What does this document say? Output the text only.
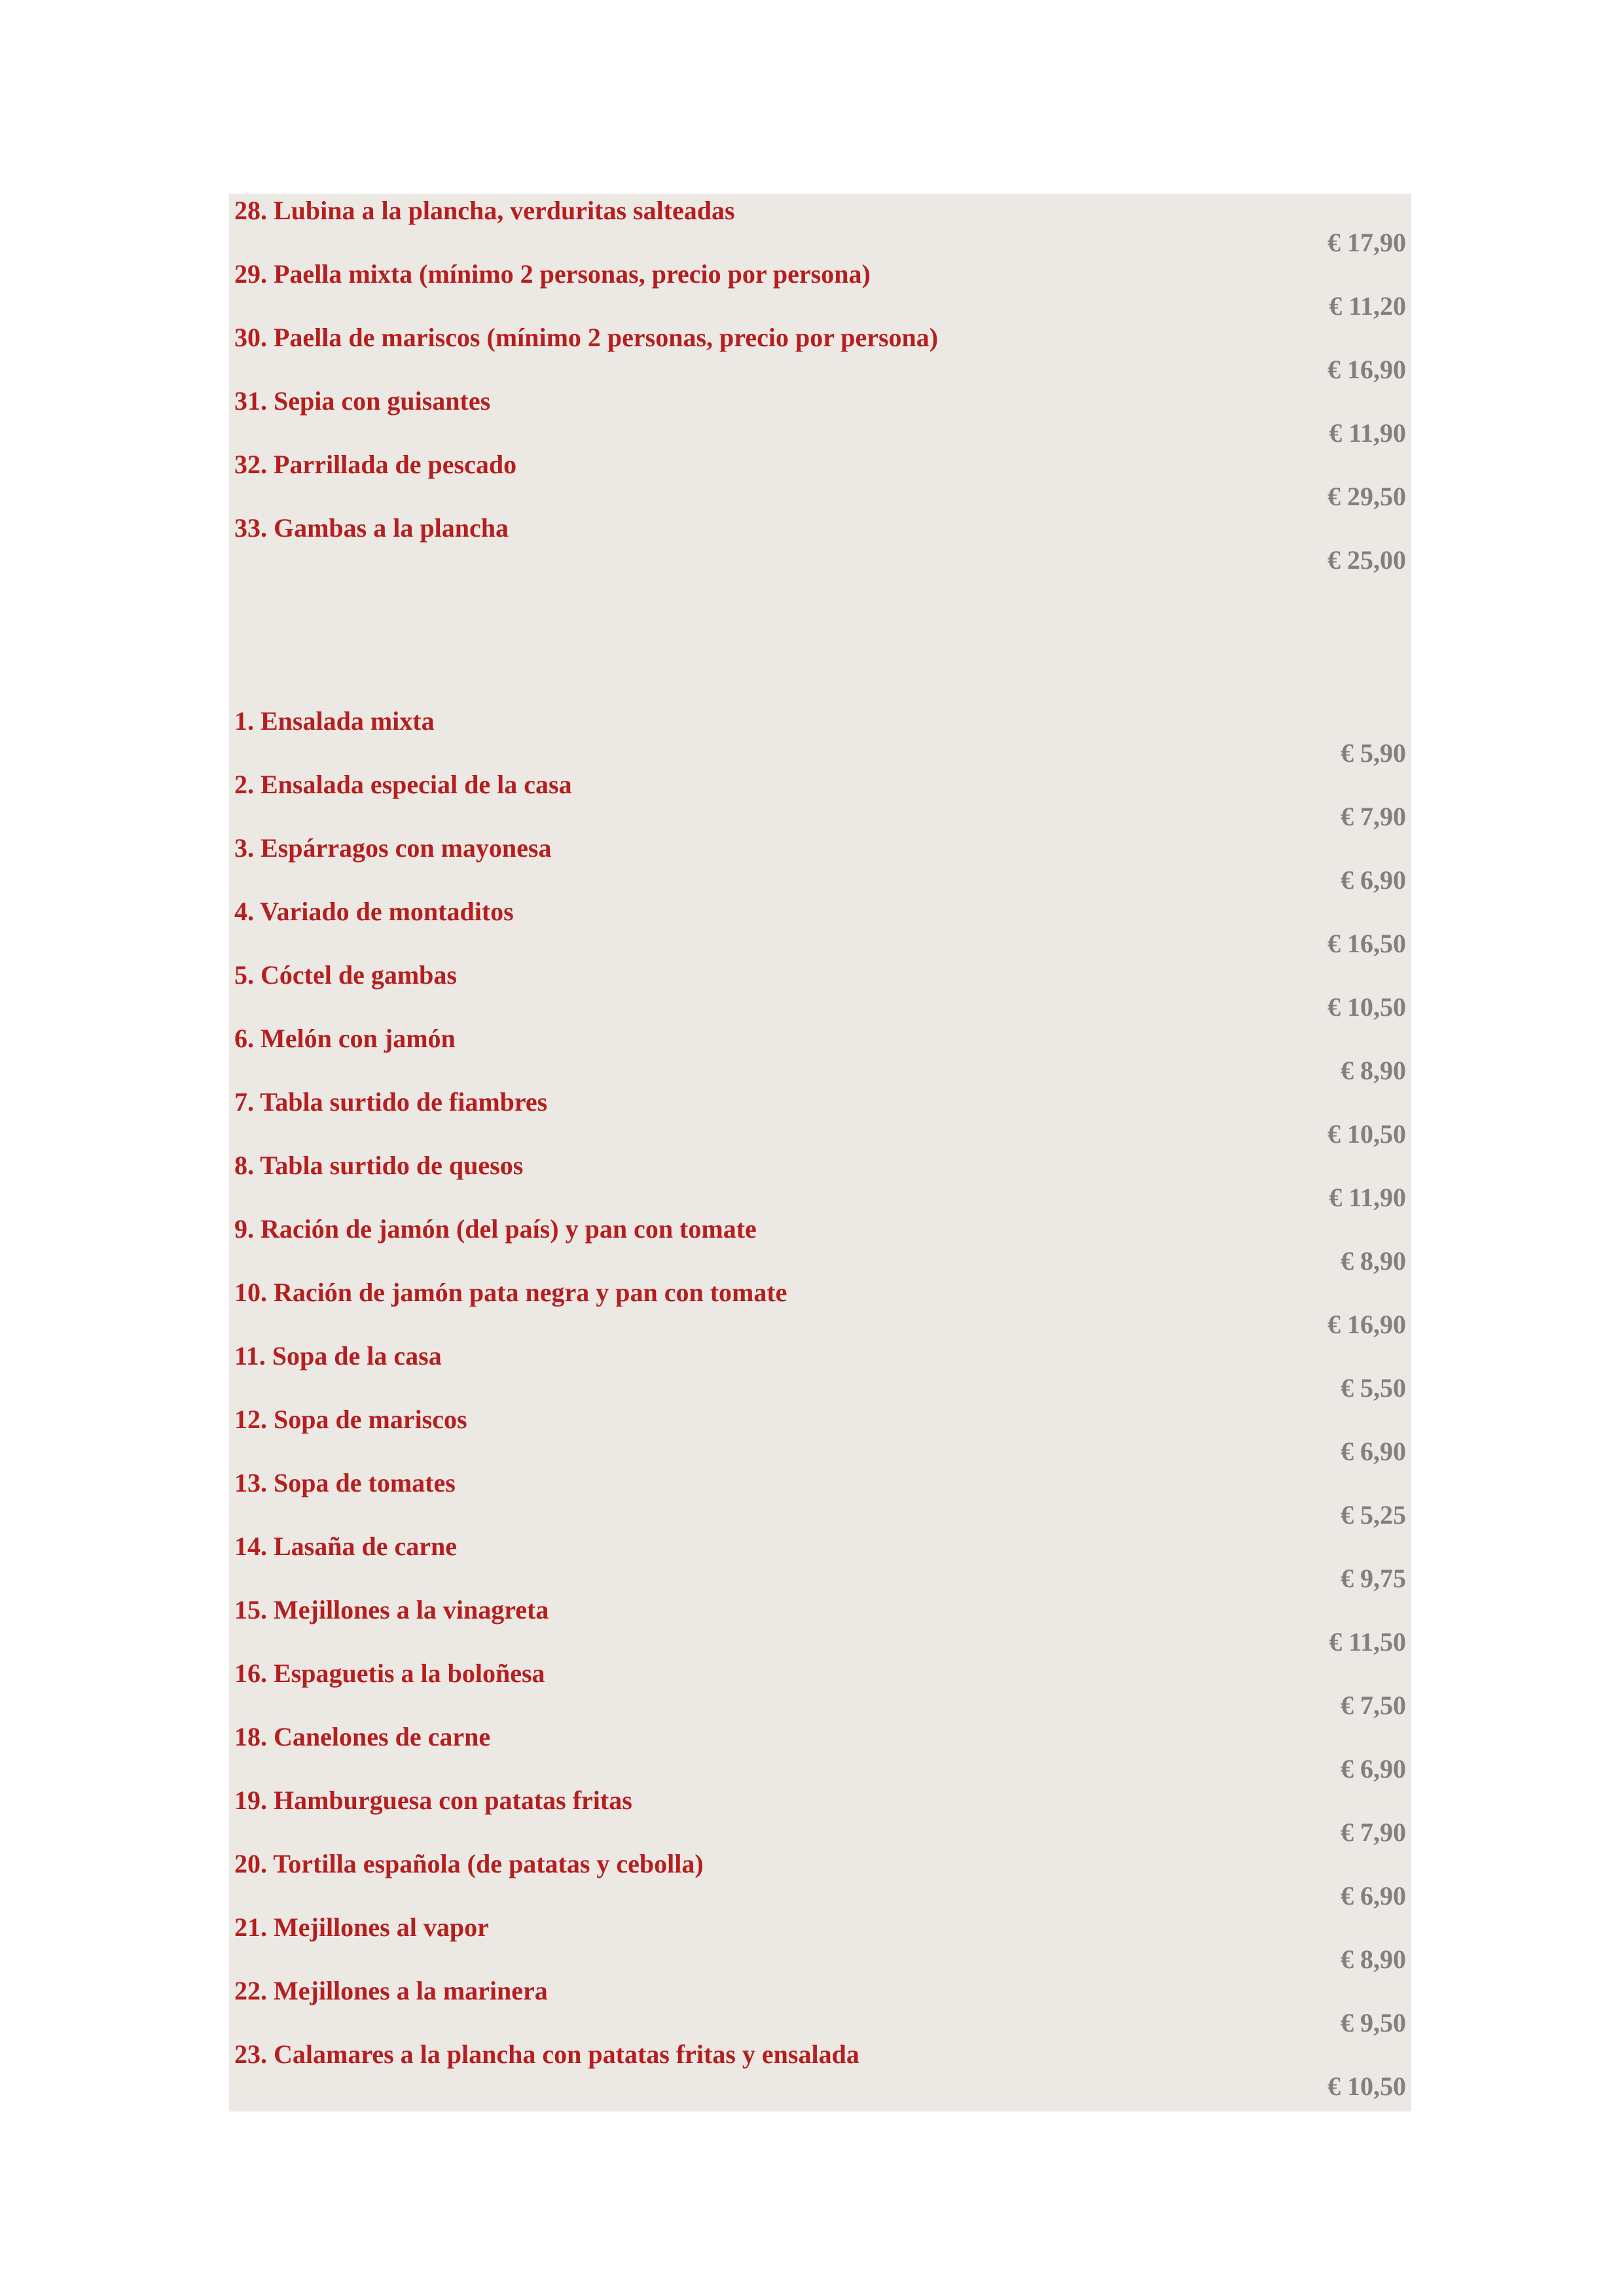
28. Lubina a la plancha, verduritas salteadas
€ 17,90
29. Paella mixta (mínimo 2 personas, precio por persona)
€ 11,20
30. Paella de mariscos (mínimo 2 personas, precio por persona)
€ 16,90
31. Sepia con guisantes
€ 11,90
32. Parrillada de pescado
€ 29,50
33. Gambas a la plancha
€ 25,00
1. Ensalada mixta
€ 5,90
2. Ensalada especial de la casa
€ 7,90
3. Espárragos con mayonesa
€ 6,90
4. Variado de montaditos
€ 16,50
5. Cóctel de gambas
€ 10,50
6. Melón con jamón
€ 8,90
7. Tabla surtido de fiambres
€ 10,50
8. Tabla surtido de quesos
€ 11,90
9. Ración de jamón (del país) y pan con tomate
€ 8,90
10. Ración de jamón pata negra y pan con tomate
€ 16,90
11. Sopa de la casa
€ 5,50
12. Sopa de mariscos
€ 6,90
13. Sopa de tomates
€ 5,25
14. Lasaña de carne
€ 9,75
15. Mejillones a la vinagreta
€ 11,50
16. Espaguetis a la boloñesa
€ 7,50
18. Canelones de carne
€ 6,90
19. Hamburguesa con patatas fritas
€ 7,90
20. Tortilla española (de patatas y cebolla)
€ 6,90
21. Mejillones al vapor
€ 8,90
22. Mejillones a la marinera
€ 9,50
23. Calamares a la plancha con patatas fritas y ensalada
€ 10,50
